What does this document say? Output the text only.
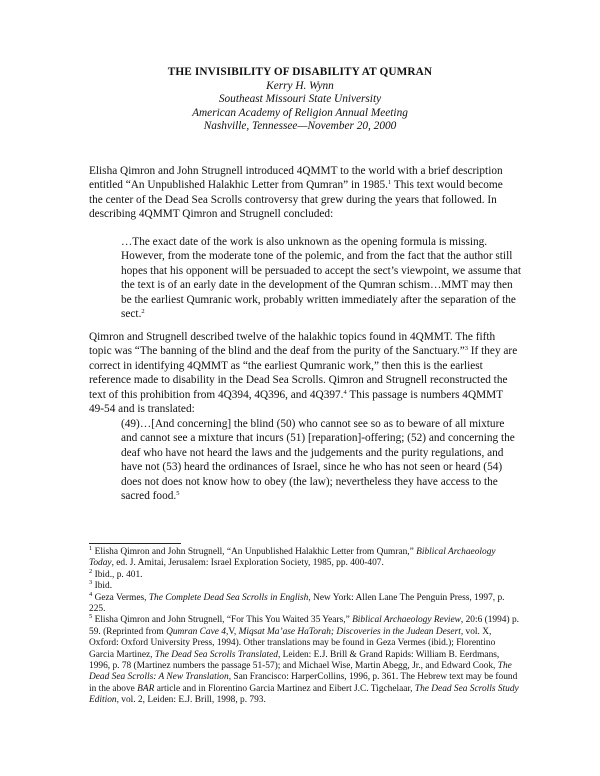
THE INVISIBILITY OF DISABILITY AT QUMRAN
Kerry H. Wynn
Southeast Missouri State University
American Academy of Religion Annual Meeting
Nashville, Tennessee—November 20, 2000
Elisha Qimron and John Strugnell introduced 4QMMT to the world with a brief description entitled “An Unpublished Halakhic Letter from Qumran” in 1985.$^1$ This text would become the center of the Dead Sea Scrolls controversy that grew during the years that followed. In describing 4QMMT Qimron and Strugnell concluded:
…The exact date of the work is also unknown as the opening formula is missing. However, from the moderate tone of the polemic, and from the fact that the author still hopes that his opponent will be persuaded to accept the sect’s viewpoint, we assume that the text is of an early date in the development of the Qumran schism…MMT may then be the earliest Qumranic work, probably written immediately after the separation of the sect.$^2$
Qimron and Strugnell described twelve of the halakhic topics found in 4QMMT. The fifth topic was “The banning of the blind and the deaf from the purity of the Sanctuary.”$^3$ If they are correct in identifying 4QMMT as “the earliest Qumranic work,” then this is the earliest reference made to disability in the Dead Sea Scrolls. Qimron and Strugnell reconstructed the text of this prohibition from 4Q394, 4Q396, and 4Q397.$^4$ This passage is numbers 4QMMT 49-54 and is translated:
(49)…[And concerning] the blind (50) who cannot see so as to beware of all mixture and cannot see a mixture that incurs (51) [reparation]-offering; (52) and concerning the deaf who have not heard the laws and the judgements and the purity regulations, and have not (53) heard the ordinances of Israel, since he who has not seen or heard (54) does not does not know how to obey (the law); nevertheless they have access to the sacred food.$^5$

$^1$ Elisha Qimron and John Strugnell, “An Unpublished Halakhic Letter from Qumran,” Biblical Archaeology Today, ed. J. Amitai, Jerusalem: Israel Exploration Society, 1985, pp. 400-407.

$^2$ Ibid., p. 401.

$^3$ Ibid.

$^4$ Geza Vermes, The Complete Dead Sea Scrolls in English, New York: Allen Lane The Penguin Press, 1997, p. 225.

$^5$ Elisha Qimron and John Strugnell, “For This You Waited 35 Years,” Biblical Archaeology Review, 20:6 (1994) p. 59. (Reprinted from Qumran Cave 4,V, Miqsat Ma’ase HaTorah; Discoveries in the Judean Desert, vol. X, Oxford: Oxford University Press, 1994). Other translations may be found in Geza Vermes (ibid.); Florentino Garcia Martinez, The Dead Sea Scrolls Translated, Leiden: E.J. Brill & Grand Rapids: William B. Eerdmans, 1996, p. 78 (Martinez numbers the passage 51-57); and Michael Wise, Martin Abegg, Jr., and Edward Cook, The Dead Sea Scrolls: A New Translation, San Francisco: HarperCollins, 1996, p. 361. The Hebrew text may be found in the above BAR article and in Florentino Garcia Martinez and Eibert J.C. Tigchelaar, The Dead Sea Scrolls Study Edition, vol. 2, Leiden: E.J. Brill, 1998, p. 793.
